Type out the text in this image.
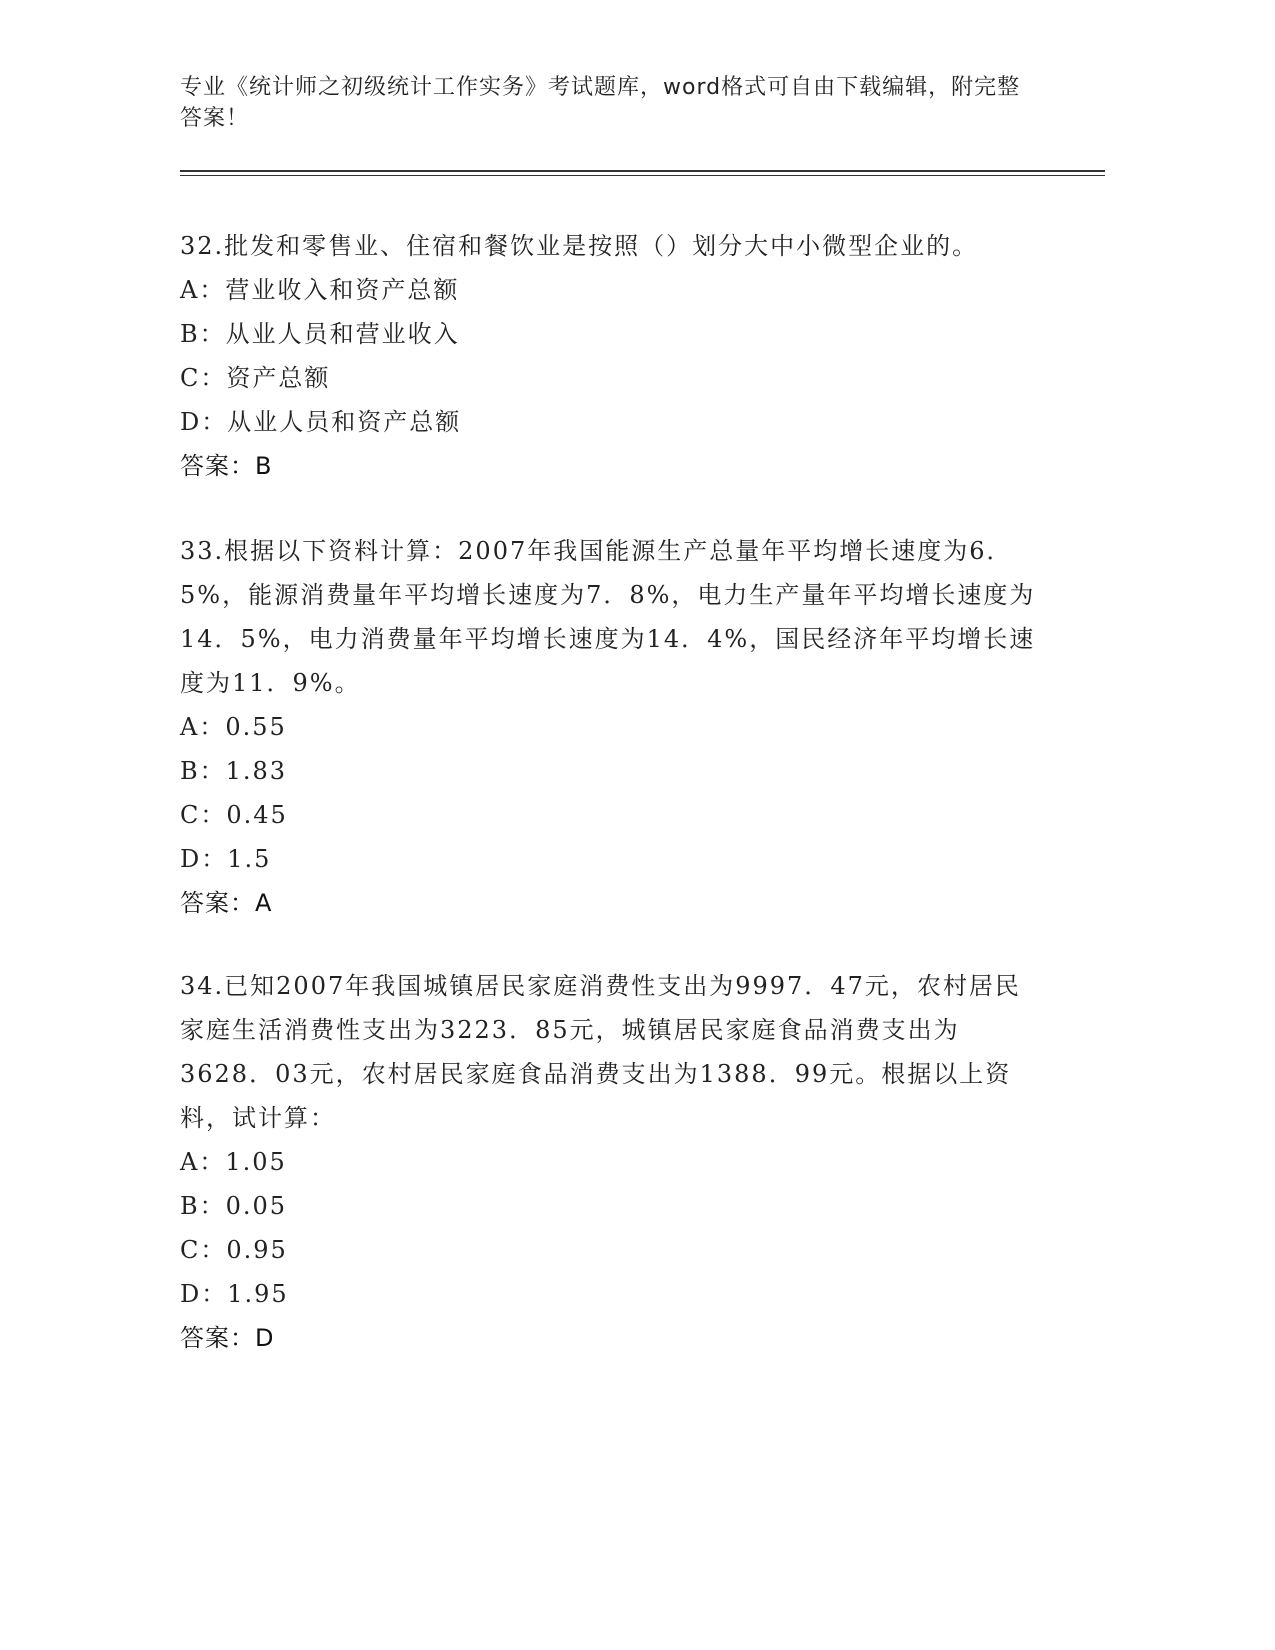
专业《统计师之初级统计工作实务》考试题库，word格式可自由下载编辑，附完整答案！

32.批发和零售业、住宿和餐饮业是按照（）划分大中小微型企业的。

A：营业收入和资产总额

B：从业人员和营业收入

C：资产总额

D：从业人员和资产总额

答案：B

33.根据以下资料计算：2007年我国能源生产总量年平均增长速度为6．5%，能源消费量年平均增长速度为7．8%，电力生产量年平均增长速度为14．5%，电力消费量年平均增长速度为14．4%，国民经济年平均增长速度为11．9%。

A：0.55

B：1.83

C：0.45

D：1.5

答案：A

34.已知2007年我国城镇居民家庭消费性支出为9997．47元，农村居民家庭生活消费性支出为3223．85元，城镇居民家庭食品消费支出为3628．03元，农村居民家庭食品消费支出为1388．99元。根据以上资料，试计算：

A：1.05

B：0.05

C：0.95

D：1.95

答案：D
